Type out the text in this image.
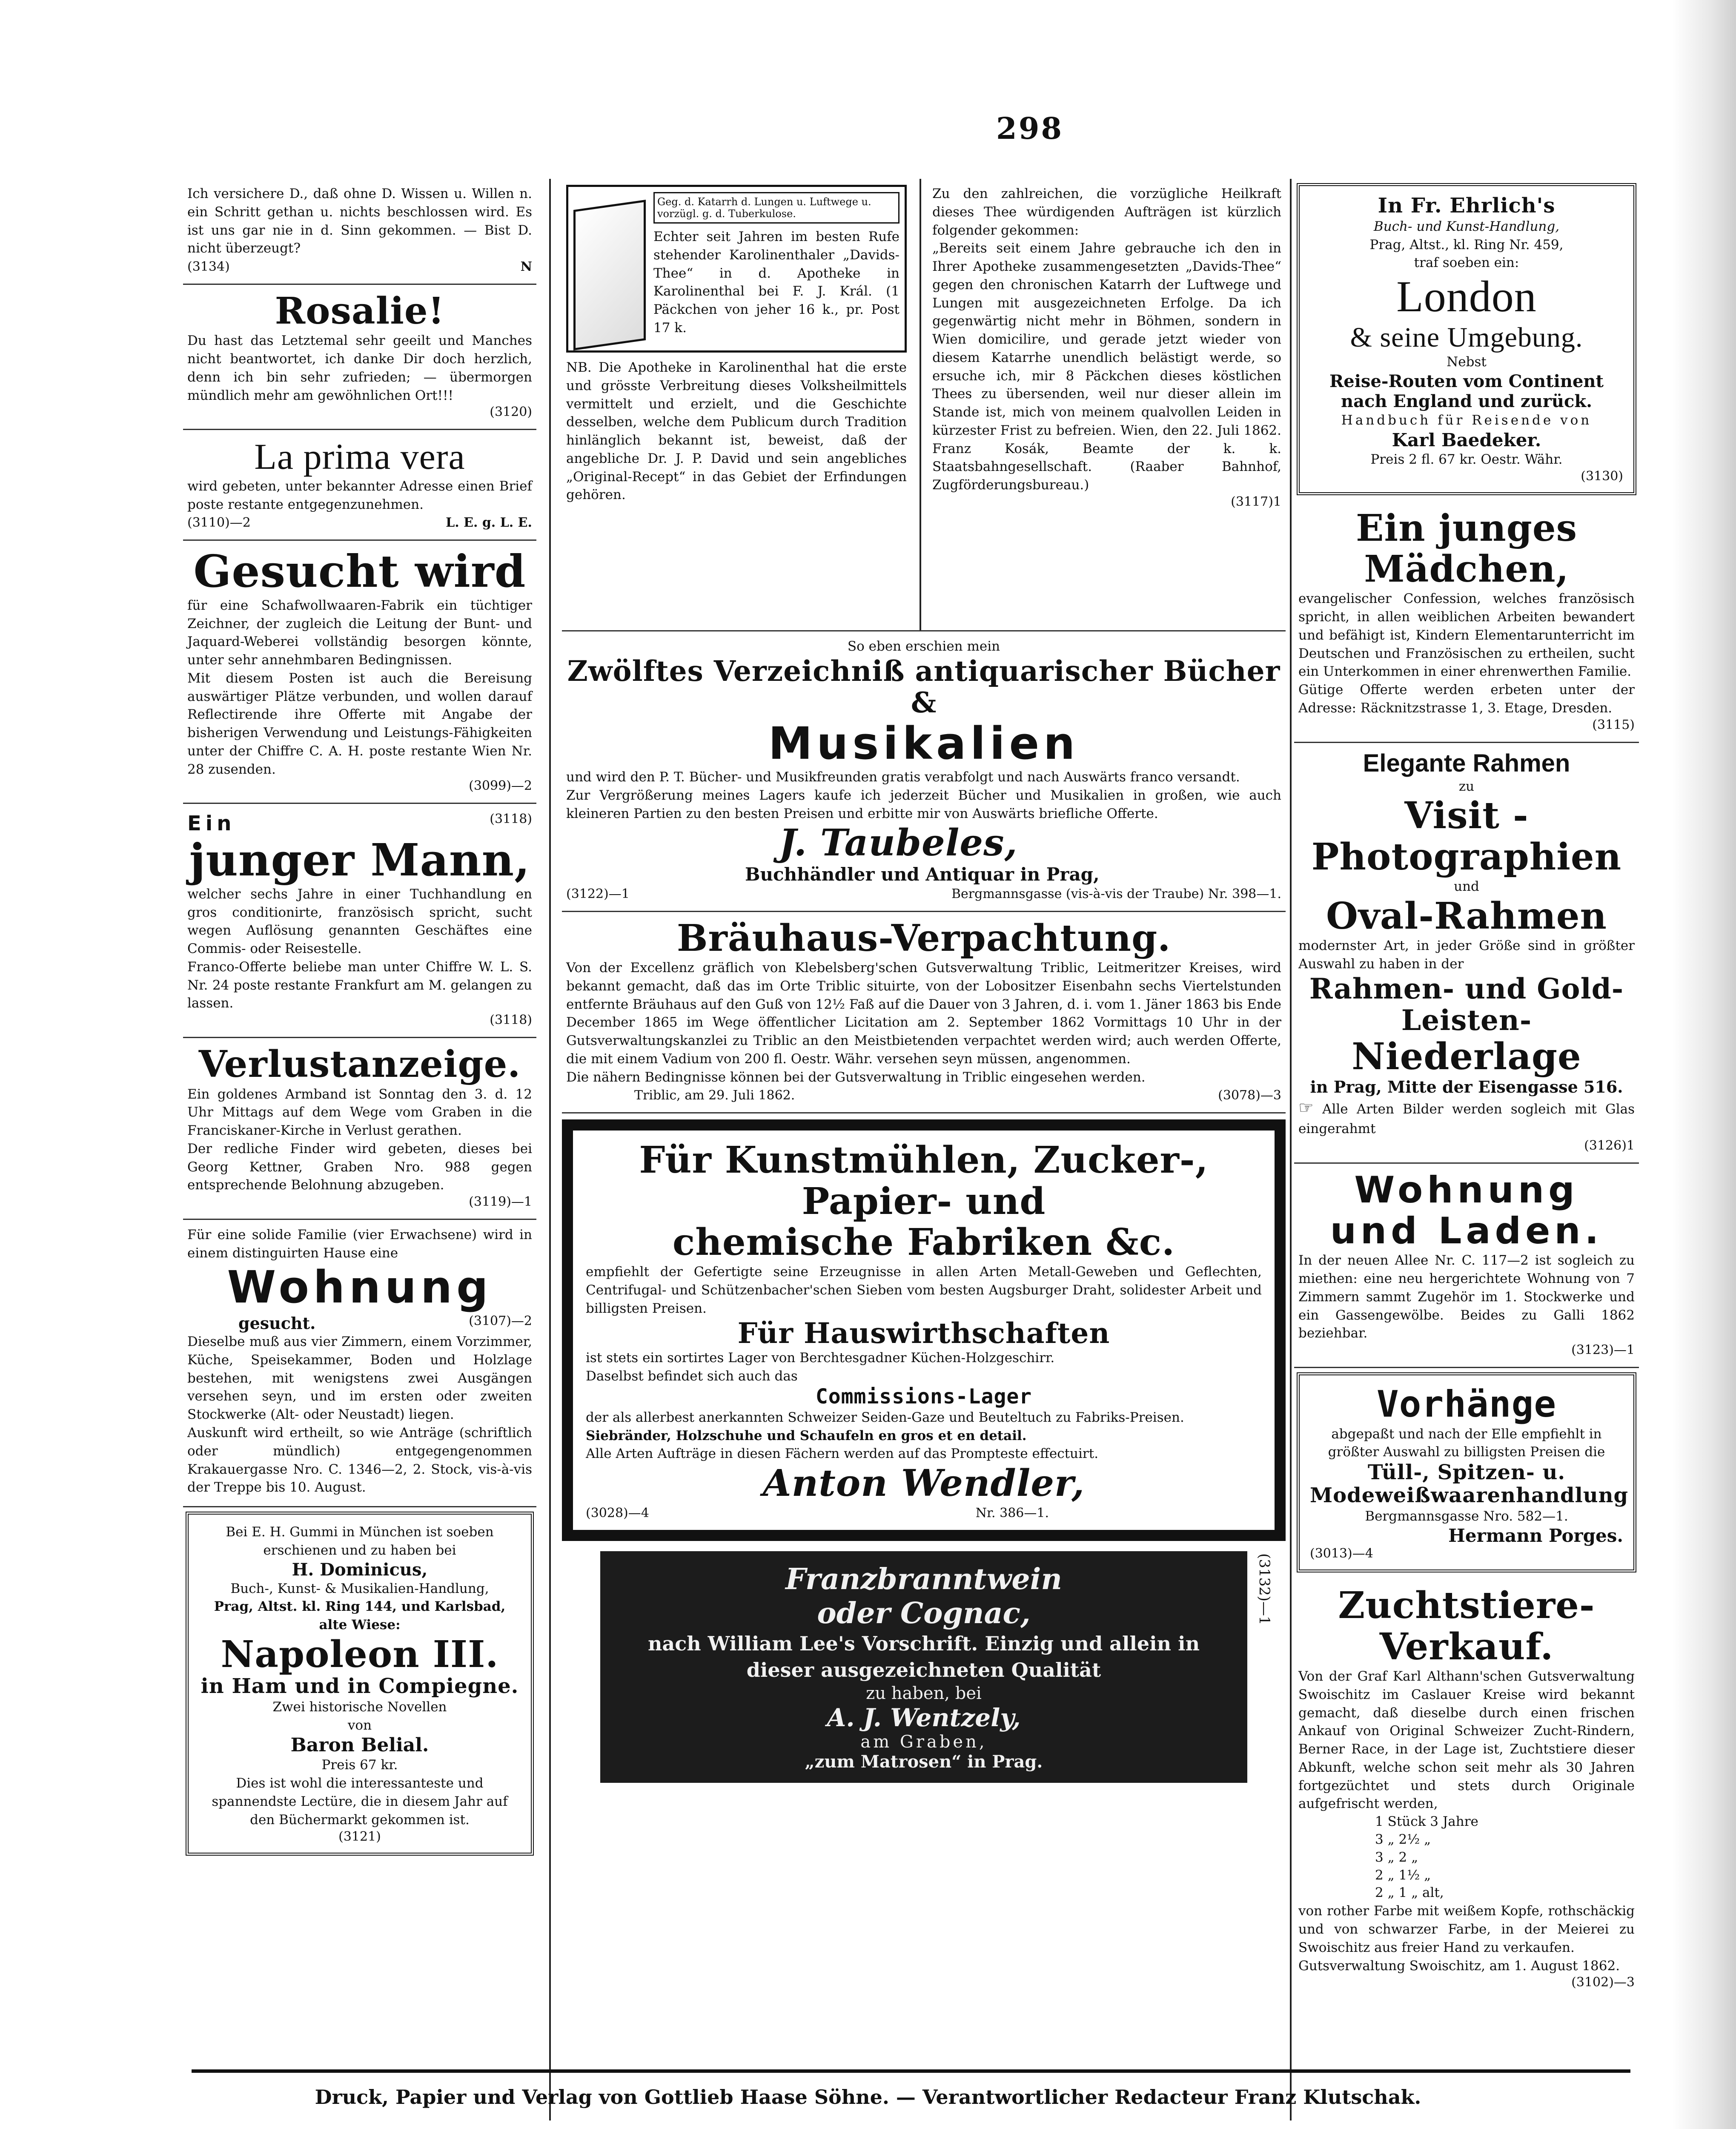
298

Ich versichere D., daß ohne D. Wissen u. Willen n. ein Schritt gethan u. nichts beschlossen wird. Es ist uns gar nie in d. Sinn gekommen. — Bist D. nicht überzeugt?

(3134)	N
Rosalie!

Du hast das Letztemal sehr geeilt und Manches nicht beantwortet, ich danke Dir doch herzlich, denn ich bin sehr zufrieden; — übermorgen mündlich mehr am gewöhnlichen Ort!!!

(3120)
La prima vera

wird gebeten, unter bekannter Adresse einen Brief poste restante entgegenzunehmen.

(3110)—2	L. E. g. L. E.
Gesucht wird

für eine Schafwollwaaren-Fabrik ein tüchtiger Zeichner, der zugleich die Leitung der Bunt- und Jaquard-Weberei vollständig besorgen könnte, unter sehr annehmbaren Bedingnissen.

Mit diesem Posten ist auch die Bereisung auswärtiger Plätze verbunden, und wollen darauf Reflectirende ihre Offerte mit Angabe der bisherigen Verwendung und Leistungs-Fähigkeiten unter der Chiffre C. A. H. poste restante Wien Nr. 28 zusenden.

(3099)—2
Ein	(3118)
junger Mann,

welcher sechs Jahre in einer Tuchhandlung en gros conditionirte, französisch spricht, sucht wegen Auflösung genannten Geschäftes eine Commis- oder Reisestelle.

Franco-Offerte beliebe man unter Chiffre W. L. S. Nr. 24 poste restante Frankfurt am M. gelangen zu lassen.

(3118)
Verlustanzeige.

Ein goldenes Armband ist Sonntag den 3. d. 12 Uhr Mittags auf dem Wege vom Graben in die Franciskaner-Kirche in Verlust gerathen.

Der redliche Finder wird gebeten, dieses bei Georg Kettner, Graben Nro. 988 gegen entsprechende Belohnung abzugeben.

(3119)—1

Für eine solide Familie (vier Erwachsene) wird in einem distinguirten Hause eine

Wohnung
gesucht.	(3107)—2

Dieselbe muß aus vier Zimmern, einem Vorzimmer, Küche, Speisekammer, Boden und Holzlage bestehen, mit wenigstens zwei Ausgängen versehen seyn, und im ersten oder zweiten Stockwerke (Alt- oder Neustadt) liegen.

Auskunft wird ertheilt, so wie Anträge (schriftlich oder mündlich) entgegengenommen Krakauergasse Nro. C. 1346—2, 2. Stock, vis-à-vis der Treppe bis 10. August.

Bei E. H. Gummi in München ist soeben erschienen und zu haben bei

H. Dominicus,

Buch-, Kunst- & Musikalien-Handlung,

Prag, Altst. kl. Ring 144, und Karlsbad, alte Wiese:

Napoleon III.
in Ham und in Compiegne.

Zwei historische Novellen

von

Baron Belial.

Preis 67 kr.

Dies ist wohl die interessanteste und spannendste Lectüre, die in diesem Jahr auf den Büchermarkt gekommen ist.

(3121)
Geg. d. Katarrh d. Lungen u. Luftwege u. vorzügl. g. d. Tuberkulose.

Echter seit Jahren im besten Rufe stehender Karolinenthaler „Davids-Thee“ in d. Apotheke in Karolinenthal bei F. J. Král. (1 Päckchen von jeher 16 k., pr. Post 17 k.

NB. Die Apotheke in Karolinenthal hat die erste und grösste Verbreitung dieses Volksheilmittels vermittelt und erzielt, und die Geschichte desselben, welche dem Publicum durch Tradition hinlänglich bekannt ist, beweist, daß der angebliche Dr. J. P. David und sein angebliches „Original-Recept“ in das Gebiet der Erfindungen gehören.

Zu den zahlreichen, die vorzügliche Heilkraft dieses Thee würdigenden Aufträgen ist kürzlich folgender gekommen:

„Bereits seit einem Jahre gebrauche ich den in Ihrer Apotheke zusammengesetzten „Davids-Thee“ gegen den chronischen Katarrh der Luftwege und Lungen mit ausgezeichneten Erfolge. Da ich gegenwärtig nicht mehr in Böhmen, sondern in Wien domicilire, und gerade jetzt wieder von diesem Katarrhe unendlich belästigt werde, so ersuche ich, mir 8 Päckchen dieses köstlichen Thees zu übersenden, weil nur dieser allein im Stande ist, mich von meinem qualvollen Leiden in kürzester Frist zu befreien. Wien, den 22. Juli 1862. Franz Kosák, Beamte der k. k. Staatsbahngesellschaft. (Raaber Bahnhof, Zugförderungsbureau.)

(3117)1

So eben erschien mein

Zwölftes Verzeichniß antiquarischer Bücher &
Musikalien

und wird den P. T. Bücher- und Musikfreunden gratis verabfolgt und nach Auswärts franco versandt.

Zur Vergrößerung meines Lagers kaufe ich jederzeit Bücher und Musikalien in großen, wie auch kleineren Partien zu den besten Preisen und erbitte mir von Auswärts briefliche Offerte.

J. Taubeles,
Buchhändler und Antiquar in Prag,
(3122)—1	Bergmannsgasse (vis-à-vis der Traube) Nr. 398—1.
Bräuhaus-Verpachtung.

Von der Excellenz gräflich von Klebelsberg'schen Gutsverwaltung Triblic, Leitmeritzer Kreises, wird bekannt gemacht, daß das im Orte Triblic situirte, von der Lobositzer Eisenbahn sechs Viertelstunden entfernte Bräuhaus auf den Guß von 12½ Faß auf die Dauer von 3 Jahren, d. i. vom 1. Jäner 1863 bis Ende December 1865 im Wege öffentlicher Licitation am 2. September 1862 Vormittags 10 Uhr in der Gutsverwaltungskanzlei zu Triblic an den Meistbietenden verpachtet werden wird; auch werden Offerte, die mit einem Vadium von 200 fl. Oestr. Währ. versehen seyn müssen, angenommen.

Die nähern Bedingnisse können bei der Gutsverwaltung in Triblic eingesehen werden.

Triblic, am 29. Juli 1862.	(3078)—3
Für Kunstmühlen, Zucker-, Papier- und
chemische Fabriken &c.

empfiehlt der Gefertigte seine Erzeugnisse in allen Arten Metall-Geweben und Geflechten, Centrifugal- und Schützenbacher'schen Sieben vom besten Augsburger Draht, solidester Arbeit und billigsten Preisen.

Für Hauswirthschaften

ist stets ein sortirtes Lager von Berchtesgadner Küchen-Holzgeschirr.

Daselbst befindet sich auch das

Commissions-Lager

der als allerbest anerkannten Schweizer Seiden-Gaze und Beuteltuch zu Fabriks-Preisen.

Siebränder, Holzschuhe und Schaufeln en gros et en detail.

Alle Arten Aufträge in diesen Fächern werden auf das Prompteste effectuirt.

Anton Wendler,
(3028)—4	Nr. 386—1.
Franzbranntwein
oder Cognac,
nach William Lee's Vorschrift. Einzig und allein in dieser ausgezeichneten Qualität
zu haben, bei
A. J. Wentzely,
am Graben,
„zum Matrosen“ in Prag.
(3132)—1
In Fr. Ehrlich's

Buch- und Kunst-Handlung,

Prag, Altst., kl. Ring Nr. 459,

traf soeben ein:

London
& seine Umgebung.

Nebst

Reise-Routen vom Continent nach England und zurück.

Handbuch für Reisende von

Karl Baedeker.

Preis 2 fl. 67 kr. Oestr. Währ.

(3130)
Ein junges Mädchen,

evangelischer Confession, welches französisch spricht, in allen weiblichen Arbeiten bewandert und befähigt ist, Kindern Elementarunterricht im Deutschen und Französischen zu ertheilen, sucht ein Unterkommen in einer ehrenwerthen Familie.

Gütige Offerte werden erbeten unter der Adresse: Räcknitzstrasse 1, 3. Etage, Dresden.

(3115)
Elegante Rahmen

zu

Visit - Photographien

und

Oval-Rahmen

modernster Art, in jeder Größe sind in größter Auswahl zu haben in der

Rahmen- und Gold-Leisten-
Niederlage
in Prag, Mitte der Eisengasse 516.

☞ Alle Arten Bilder werden sogleich mit Glas eingerahmt

(3126)1
Wohnung
und Laden.

In der neuen Allee Nr. C. 117—2 ist sogleich zu miethen: eine neu hergerichtete Wohnung von 7 Zimmern sammt Zugehör im 1. Stockwerke und ein Gassengewölbe. Beides zu Galli 1862 beziehbar.

(3123)—1
Vorhänge

abgepaßt und nach der Elle empfiehlt in größter Auswahl zu billigsten Preisen die

Tüll-, Spitzen- u. Modeweißwaarenhandlung

Bergmannsgasse Nro. 582—1.

Hermann Porges.
(3013)—4
Zuchtstiere-Verkauf.

Von der Graf Karl Althann'schen Gutsverwaltung Swoischitz im Caslauer Kreise wird bekannt gemacht, daß dieselbe durch einen frischen Ankauf von Original Schweizer Zucht-Rindern, Berner Race, in der Lage ist, Zuchtstiere dieser Abkunft, welche schon seit mehr als 30 Jahren fortgezüchtet und stets durch Originale aufgefrischt werden,

1 Stück 3 Jahre
3 „ 2½ „
3 „ 2 „
2 „ 1½ „
2 „ 1 „ alt,

von rother Farbe mit weißem Kopfe, rothschäckig und von schwarzer Farbe, in der Meierei zu Swoischitz aus freier Hand zu verkaufen.

Gutsverwaltung Swoischitz, am 1. August 1862.

(3102)—3
Druck, Papier und Verlag von Gottlieb Haase Söhne. — Verantwortlicher Redacteur Franz Klutschak.
